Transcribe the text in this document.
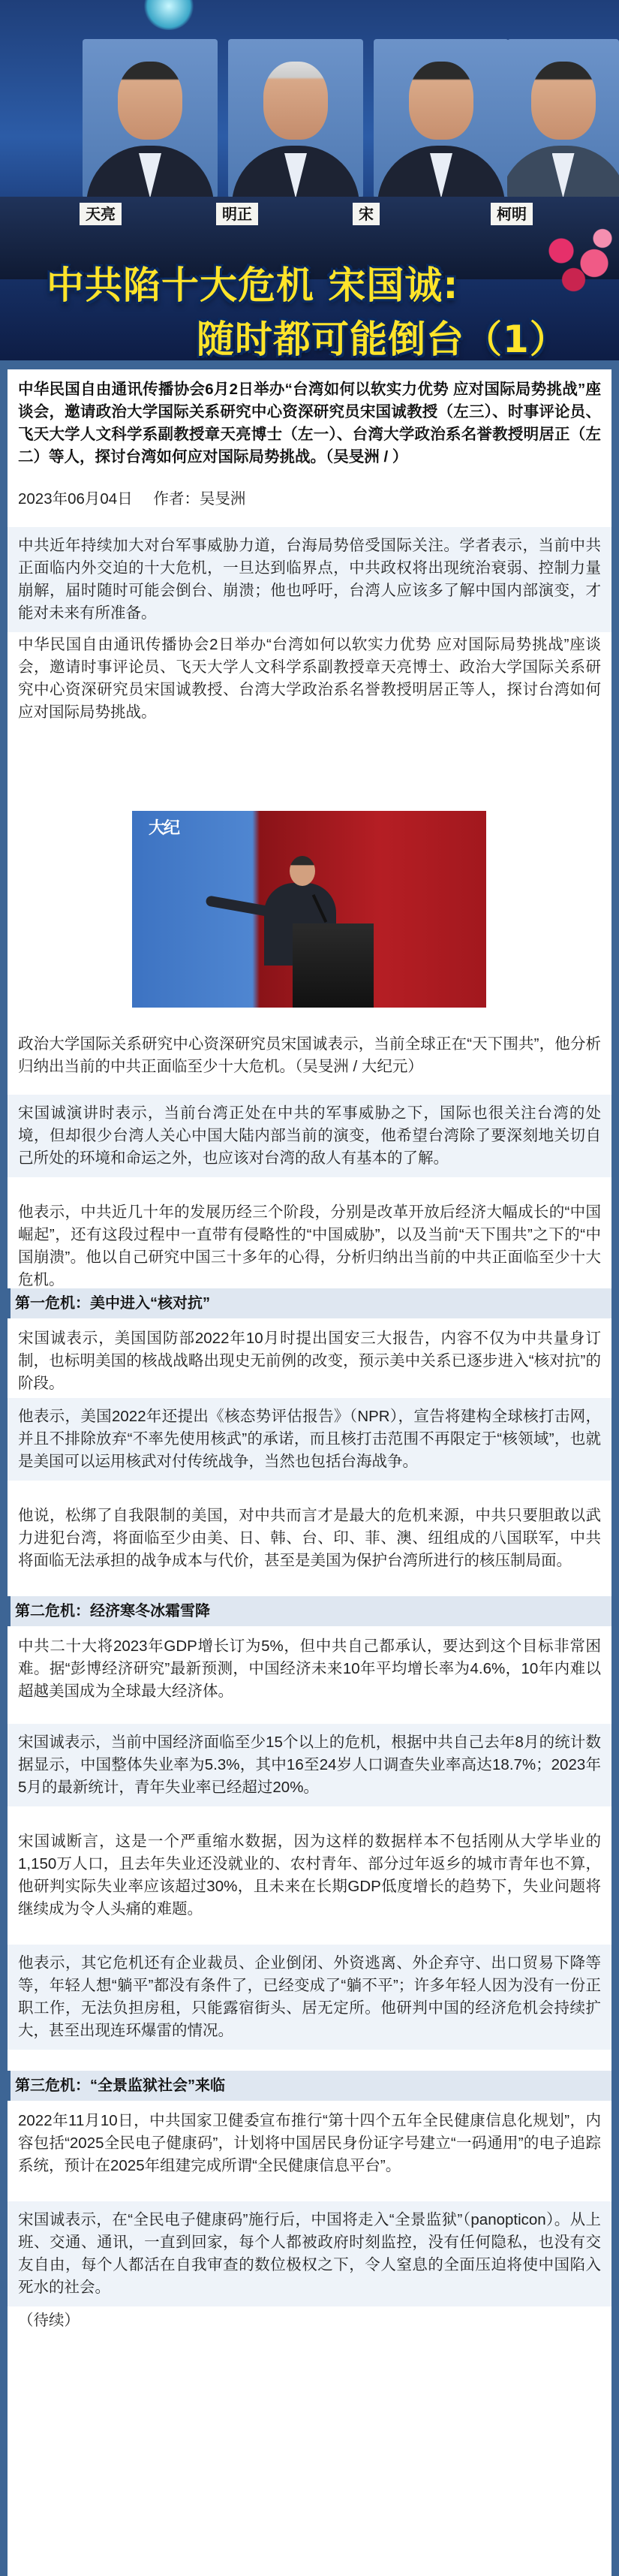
天亮	明正	宋	柯明
中共陷十大危机 宋国诚:
随时都可能倒台（1）
中华民国自由通讯传播协会6月2日举办“台湾如何以软实力优势 应对国际局势挑战”座谈会，邀请政治大学国际关系研究中心资深研究员宋国诚教授（左三）、时事评论员、飞天大学人文科学系副教授章天亮博士（左一）、台湾大学政治系名誉教授明居正（左二）等人，探讨台湾如何应对国际局势挑战。（吴旻洲 / ）
2023年06月04日 作者：吴旻洲
中共近年持续加大对台军事威胁力道，台海局势倍受国际关注。学者表示，当前中共正面临内外交迫的十大危机，一旦达到临界点，中共政权将出现统治衰弱、控制力量崩解，届时随时可能会倒台、崩溃；他也呼吁，台湾人应该多了解中国内部演变，才能对未来有所准备。
中华民国自由通讯传播协会2日举办“台湾如何以软实力优势 应对国际局势挑战”座谈会，邀请时事评论员、飞天大学人文科学系副教授章天亮博士、政治大学国际关系研究中心资深研究员宋国诚教授、台湾大学政治系名誉教授明居正等人，探讨台湾如何应对国际局势挑战。
大纪
政治大学国际关系研究中心资深研究员宋国诚表示，当前全球正在“天下围共”，他分析归纳出当前的中共正面临至少十大危机。（吴旻洲 / 大纪元）
宋国诚演讲时表示，当前台湾正处在中共的军事威胁之下，国际也很关注台湾的处境，但却很少台湾人关心中国大陆内部当前的演变，他希望台湾除了要深刻地关切自己所处的环境和命运之外，也应该对台湾的敌人有基本的了解。
他表示，中共近几十年的发展历经三个阶段，分别是改革开放后经济大幅成长的“中国崛起”，还有这段过程中一直带有侵略性的“中国威胁”，以及当前“天下围共”之下的“中国崩溃”。他以自己研究中国三十多年的心得，分析归纳出当前的中共正面临至少十大危机。
第一危机：美中进入“核对抗”
宋国诚表示，美国国防部2022年10月时提出国安三大报告，内容不仅为中共量身订制，也标明美国的核战战略出现史无前例的改变，预示美中关系已逐步进入“核对抗”的阶段。
他表示，美国2022年还提出《核态势评估报告》（NPR），宣告将建构全球核打击网，并且不排除放弃“不率先使用核武”的承诺，而且核打击范围不再限定于“核领域”，也就是美国可以运用核武对付传统战争，当然也包括台海战争。
他说，松绑了自我限制的美国，对中共而言才是最大的危机来源，中共只要胆敢以武力进犯台湾，将面临至少由美、日、韩、台、印、菲、澳、纽组成的八国联军，中共将面临无法承担的战争成本与代价，甚至是美国为保护台湾所进行的核压制局面。
第二危机：经济寒冬冰霜雪降
中共二十大将2023年GDP增长订为5%，但中共自己都承认，要达到这个目标非常困难。据“彭博经济研究”最新预测，中国经济未来10年平均增长率为4.6%，10年内难以超越美国成为全球最大经济体。
宋国诚表示，当前中国经济面临至少15个以上的危机，根据中共自己去年8月的统计数据显示，中国整体失业率为5.3%，其中16至24岁人口调查失业率高达18.7%；2023年5月的最新统计，青年失业率已经超过20%。
宋国诚断言，这是一个严重缩水数据，因为这样的数据样本不包括刚从大学毕业的1,150万人口，且去年失业还没就业的、农村青年、部分过年返乡的城市青年也不算，他研判实际失业率应该超过30%，且未来在长期GDP低度增长的趋势下，失业问题将继续成为令人头痛的难题。
他表示，其它危机还有企业裁员、企业倒闭、外资逃离、外企弃守、出口贸易下降等等，年轻人想“躺平”都没有条件了，已经变成了“躺不平”；许多年轻人因为没有一份正职工作，无法负担房租，只能露宿街头、居无定所。他研判中国的经济危机会持续扩大，甚至出现连环爆雷的情况。
第三危机：“全景监狱社会”来临
2022年11月10日，中共国家卫健委宣布推行“第十四个五年全民健康信息化规划”，内容包括“2025全民电子健康码”，计划将中国居民身份证字号建立“一码通用”的电子追踪系统，预计在2025年组建完成所谓“全民健康信息平台”。
宋国诚表示，在“全民电子健康码”施行后，中国将走入“全景监狱”（panopticon）。从上班、交通、通讯，一直到回家，每个人都被政府时刻监控，没有任何隐私，也没有交友自由，每个人都活在自我审查的数位极权之下，令人窒息的全面压迫将使中国陷入死水的社会。
（待续）
